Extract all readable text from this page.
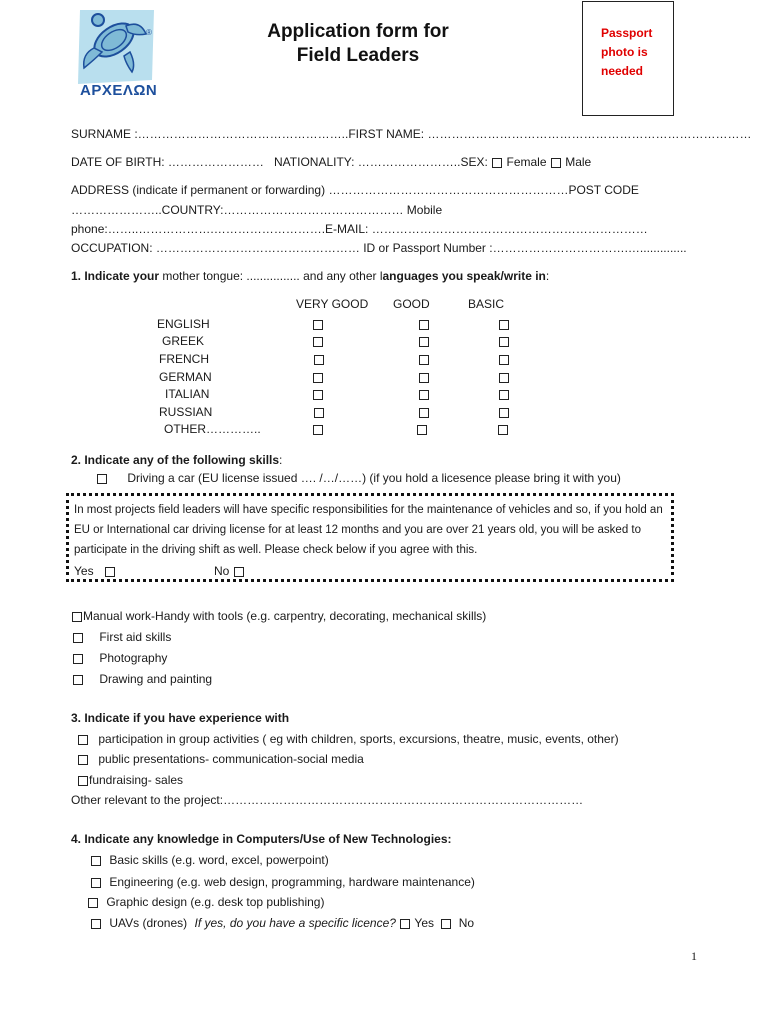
®
ΑΡΧΕΛΩΝ
Application form for
Field Leaders
Passport photo is needed
SURNAME :……………………………………………..FIRST NAME: ………………………………………………………………………
DATE OF BIRTH: …………………… NATIONALITY: ……………………..SEX: Female Male
ADDRESS (indicate if permanent or forwarding) ……………………………………………………POST CODE
…………………..COUNTRY:……………………………………… Mobile
phone:……..……………….……………………….E-MAIL: ……………………………………………………………
OCCUPATION: …………………………………………… ID or Passport Number :…………………………….…..............
1. Indicate your mother tongue: ................ and any other languages you speak/write in:
VERY GOOD GOOD	BASIC
ENGLISH
GREEK
FRENCH
GERMAN
ITALIAN
RUSSIAN
OTHER…………..
2. Indicate any of the following skills:
Driving a car (EU license issued …. /…/……) (if you hold a licesence please bring it with you)
In most projects field leaders will have specific responsibilities for the maintenance of vehicles and so, if you hold an
EU or International car driving license for at least 12 months and you are over 21 years old, you will be asked to
participate in the driving shift as well. Please check below if you agree with this.
Yes	No
Manual work-Handy with tools (e.g. carpentry, decorating, mechanical skills)
First aid skills
Photography
Drawing and painting
3. Indicate if you have experience with
participation in group activities ( eg with children, sports, excursions, theatre, music, events, other)
public presentations- communication-social media
fundraising- sales
Other relevant to the project:………………………………………………………………………………
4. Indicate any knowledge in Computers/Use of New Technologies:
Basic skills (e.g. word, excel, powerpoint)
Engineering (e.g. web design, programming, hardware maintenance)
Graphic design (e.g. desk top publishing)
UAVs (drones) If yes, do you have a specific licence? Yes No
1
